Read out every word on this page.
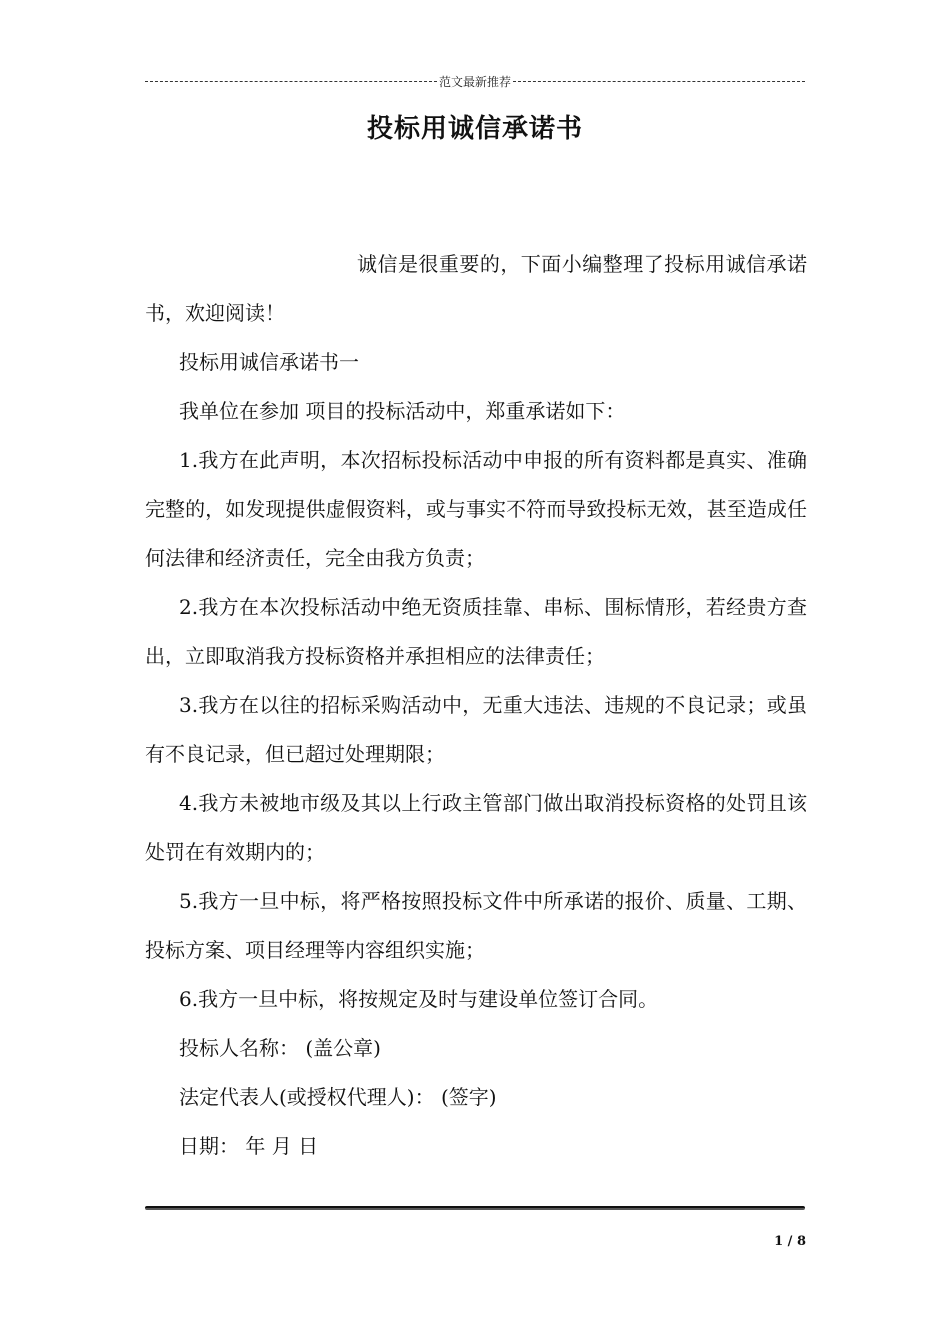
范文最新推荐
投标用诚信承诺书

诚信是很重要的，下面小编整理了投标用诚信承诺书，欢迎阅读！

投标用诚信承诺书一

我单位在参加 项目的投标活动中，郑重承诺如下：

1.我方在此声明，本次招标投标活动中申报的所有资料都是真实、准确完整的，如发现提供虚假资料，或与事实不符而导致投标无效，甚至造成任何法律和经济责任，完全由我方负责；

2.我方在本次投标活动中绝无资质挂靠、串标、围标情形，若经贵方查出，立即取消我方投标资格并承担相应的法律责任；

3.我方在以往的招标采购活动中，无重大违法、违规的不良记录；或虽有不良记录，但已超过处理期限；

4.我方未被地市级及其以上行政主管部门做出取消投标资格的处罚且该处罚在有效期内的；

5.我方一旦中标，将严格按照投标文件中所承诺的报价、质量、工期、投标方案、项目经理等内容组织实施；

6.我方一旦中标，将按规定及时与建设单位签订合同。

投标人名称： (盖公章)

法定代表人(或授权代理人)： (签字)

日期： 年 月 日

1 / 8
